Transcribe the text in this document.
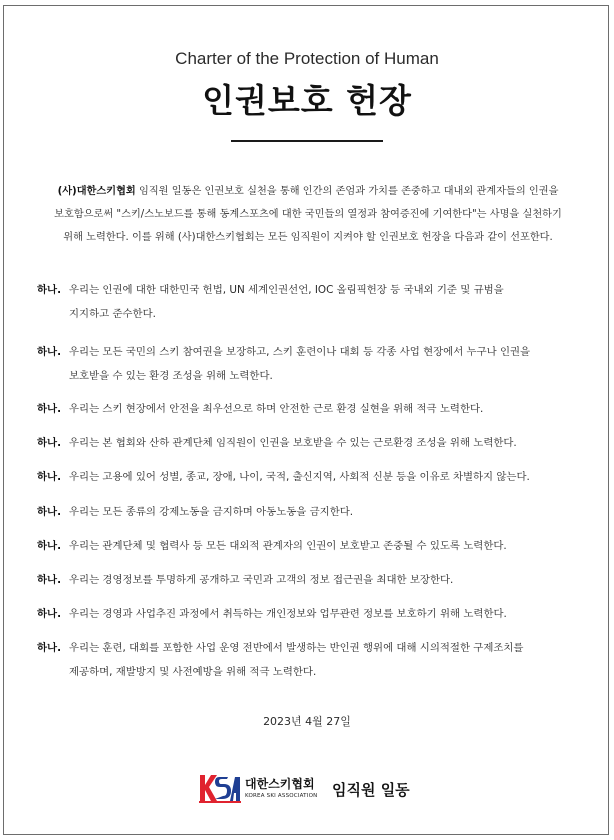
Charter of the Protection of Human
인권보호 헌장
(사)대한스키협회 임직원 일동은 인권보호 실천을 통해 인간의 존엄과 가치를 존중하고 대내외 관계자들의 인권을
보호함으로써 "스키/스노보드를 통해 동계스포츠에 대한 국민들의 열정과 참여증진에 기여한다"는 사명을 실천하기
위해 노력한다. 이를 위해 (사)대한스키협회는 모든 임직원이 지켜야 할 인권보호 헌장을 다음과 같이 선포한다.
하나. 우리는 인권에 대한 대한민국 헌법, UN 세계인권선언, IOC 올림픽헌장 등 국내외 기준 및 규범을
지지하고 준수한다.
하나. 우리는 모든 국민의 스키 참여권을 보장하고, 스키 훈련이나 대회 등 각종 사업 현장에서 누구나 인권을
보호받을 수 있는 환경 조성을 위해 노력한다.
하나. 우리는 스키 현장에서 안전을 최우선으로 하며 안전한 근로 환경 실현을 위해 적극 노력한다.
하나. 우리는 본 협회와 산하 관계단체 임직원이 인권을 보호받을 수 있는 근로환경 조성을 위해 노력한다.
하나. 우리는 고용에 있어 성별, 종교, 장애, 나이, 국적, 출신지역, 사회적 신분 등을 이유로 차별하지 않는다.
하나. 우리는 모든 종류의 강제노동을 금지하며 아동노동을 금지한다.
하나. 우리는 관계단체 및 협력사 등 모든 대외적 관계자의 인권이 보호받고 존중될 수 있도록 노력한다.
하나. 우리는 경영정보를 투명하게 공개하고 국민과 고객의 정보 접근권을 최대한 보장한다.
하나. 우리는 경영과 사업추진 과정에서 취득하는 개인정보와 업무관련 정보를 보호하기 위해 노력한다.
하나. 우리는 훈련, 대회를 포함한 사업 운영 전반에서 발생하는 반인권 행위에 대해 시의적절한 구제조치를
제공하며, 재발방지 및 사전예방을 위해 적극 노력한다.
2023년 4월 27일
대한스키협회
KOREA SKI ASSOCIATION 임직원 일동
